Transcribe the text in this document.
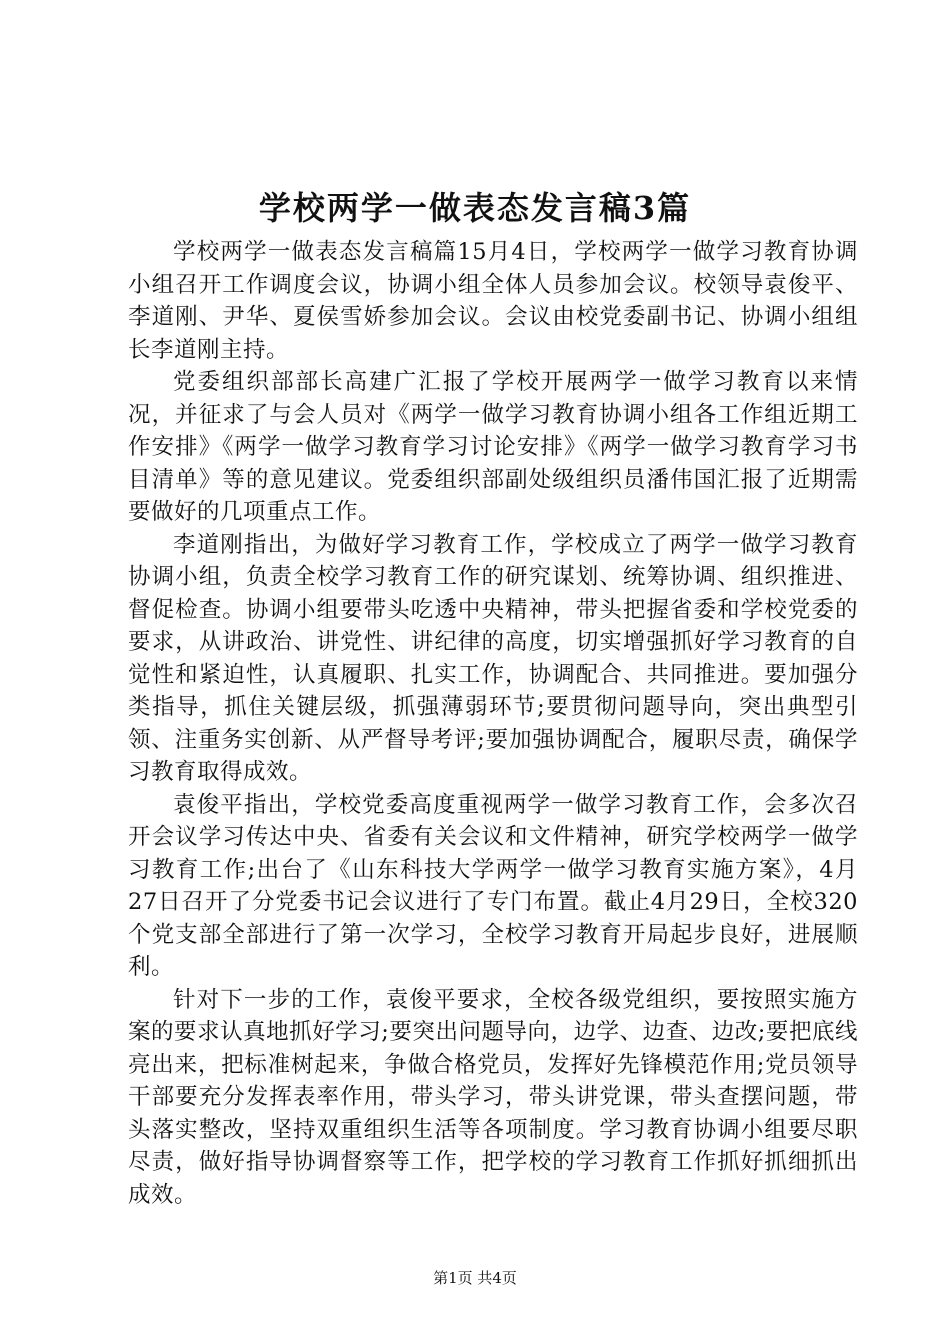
学校两学一做表态发言稿3篇

学校两学一做表态发言稿篇15月4日，学校两学一做学习教育协调小组召开工作调度会议，协调小组全体人员参加会议。校领导袁俊平、李道刚、尹华、夏侯雪娇参加会议。会议由校党委副书记、协调小组组长李道刚主持。

党委组织部部长高建广汇报了学校开展两学一做学习教育以来情况，并征求了与会人员对《两学一做学习教育协调小组各工作组近期工作安排》《两学一做学习教育学习讨论安排》《两学一做学习教育学习书目清单》等的意见建议。党委组织部副处级组织员潘伟国汇报了近期需要做好的几项重点工作。

李道刚指出，为做好学习教育工作，学校成立了两学一做学习教育协调小组，负责全校学习教育工作的研究谋划、统筹协调、组织推进、督促检查。协调小组要带头吃透中央精神，带头把握省委和学校党委的要求，从讲政治、讲党性、讲纪律的高度，切实增强抓好学习教育的自觉性和紧迫性，认真履职、扎实工作，协调配合、共同推进。要加强分类指导，抓住关键层级，抓强薄弱环节;要贯彻问题导向，突出典型引领、注重务实创新、从严督导考评;要加强协调配合，履职尽责，确保学习教育取得成效。

袁俊平指出，学校党委高度重视两学一做学习教育工作，会多次召开会议学习传达中央、省委有关会议和文件精神，研究学校两学一做学习教育工作;出台了《山东科技大学两学一做学习教育实施方案》，4月27日召开了分党委书记会议进行了专门布置。截止4月29日，全校320个党支部全部进行了第一次学习，全校学习教育开局起步良好，进展顺利。

针对下一步的工作，袁俊平要求，全校各级党组织，要按照实施方案的要求认真地抓好学习;要突出问题导向，边学、边查、边改;要把底线亮出来，把标准树起来，争做合格党员，发挥好先锋模范作用;党员领导干部要充分发挥表率作用，带头学习，带头讲党课，带头查摆问题，带头落实整改，坚持双重组织生活等各项制度。学习教育协调小组要尽职尽责，做好指导协调督察等工作，把学校的学习教育工作抓好抓细抓出成效。

第1页 共4页
